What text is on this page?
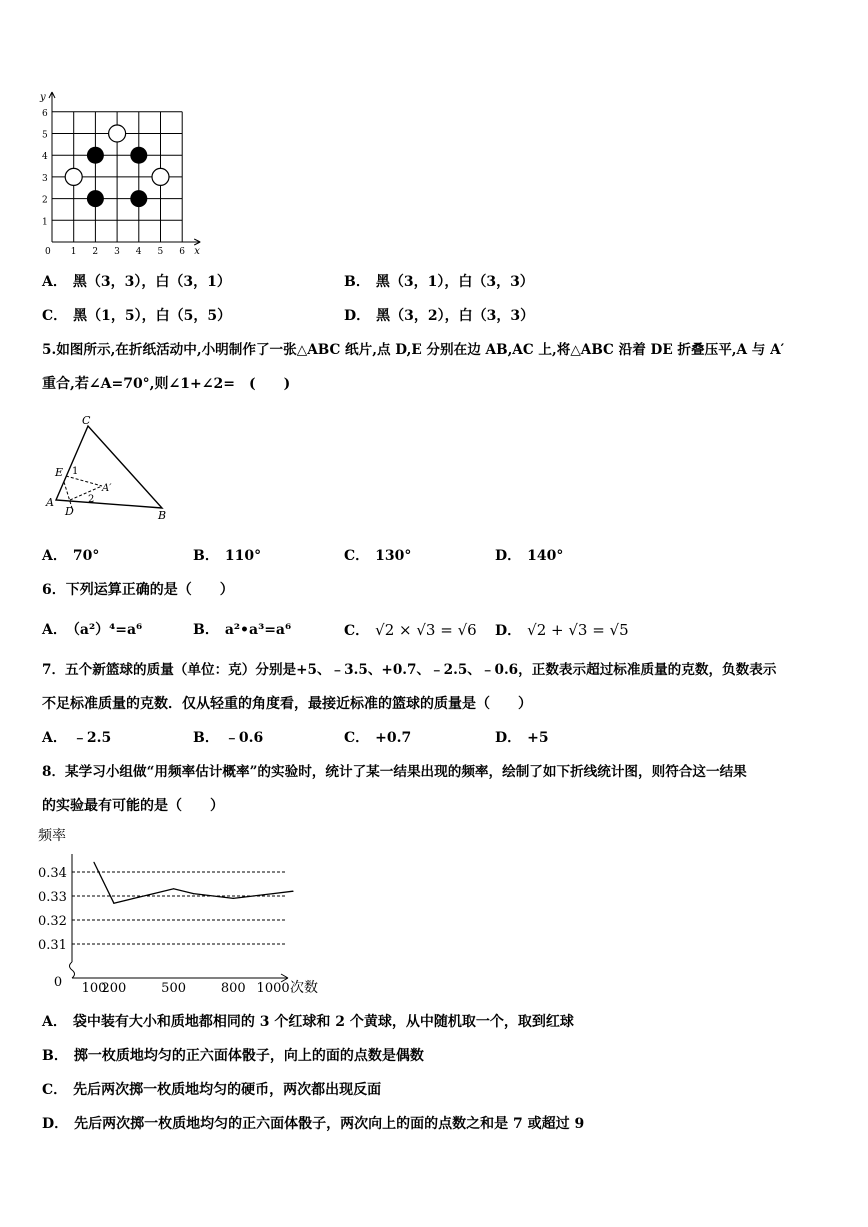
y
x
0 1 2 3 4 5 6
6
5
4
3
2
1
A． 黑（3，3），白（3，1）	B． 黑（3，1），白（3，3）
C． 黑（1，5），白（5，5）	D． 黑（3，2），白（3，3）
5.如图所示,在折纸活动中,小明制作了一张△ABC 纸片,点 D,E 分别在边 AB,AC 上,将△ABC 沿着 DE 折叠压平,A 与 A′
重合,若∠A=70°,则∠1+∠2=　(　　)
C
E 1
A′
2
A
D	B
A． 70°	B． 110°	C． 130°	D． 140°
6．下列运算正确的是（　　）
A． （a²）⁴=a⁶	B． a²•a³=a⁶	C． √2 × √3 = √6 D． √2 + √3 = √5
7．五个新篮球的质量（单位：克）分别是+5、﹣3.5、+0.7、﹣2.5、﹣0.6，正数表示超过标准质量的克数，负数表示
不足标准质量的克数．仅从轻重的角度看，最接近标准的篮球的质量是（　　）
A． ﹣2.5	B． ﹣0.6	C． +0.7	D． +5
8．某学习小组做“用频率估计概率”的实验时，统计了某一结果出现的频率，绘制了如下折线统计图，则符合这一结果
的实验最有可能的是（　　）
频率
次数
0.34
0.33
0.32
0.31
0 100
200	500	800 1000
A． 袋中装有大小和质地都相同的 3 个红球和 2 个黄球，从中随机取一个，取到红球
B． 掷一枚质地均匀的正六面体骰子，向上的面的点数是偶数
C． 先后两次掷一枚质地均匀的硬币，两次都出现反面
D． 先后两次掷一枚质地均匀的正六面体骰子，两次向上的面的点数之和是 7 或超过 9
